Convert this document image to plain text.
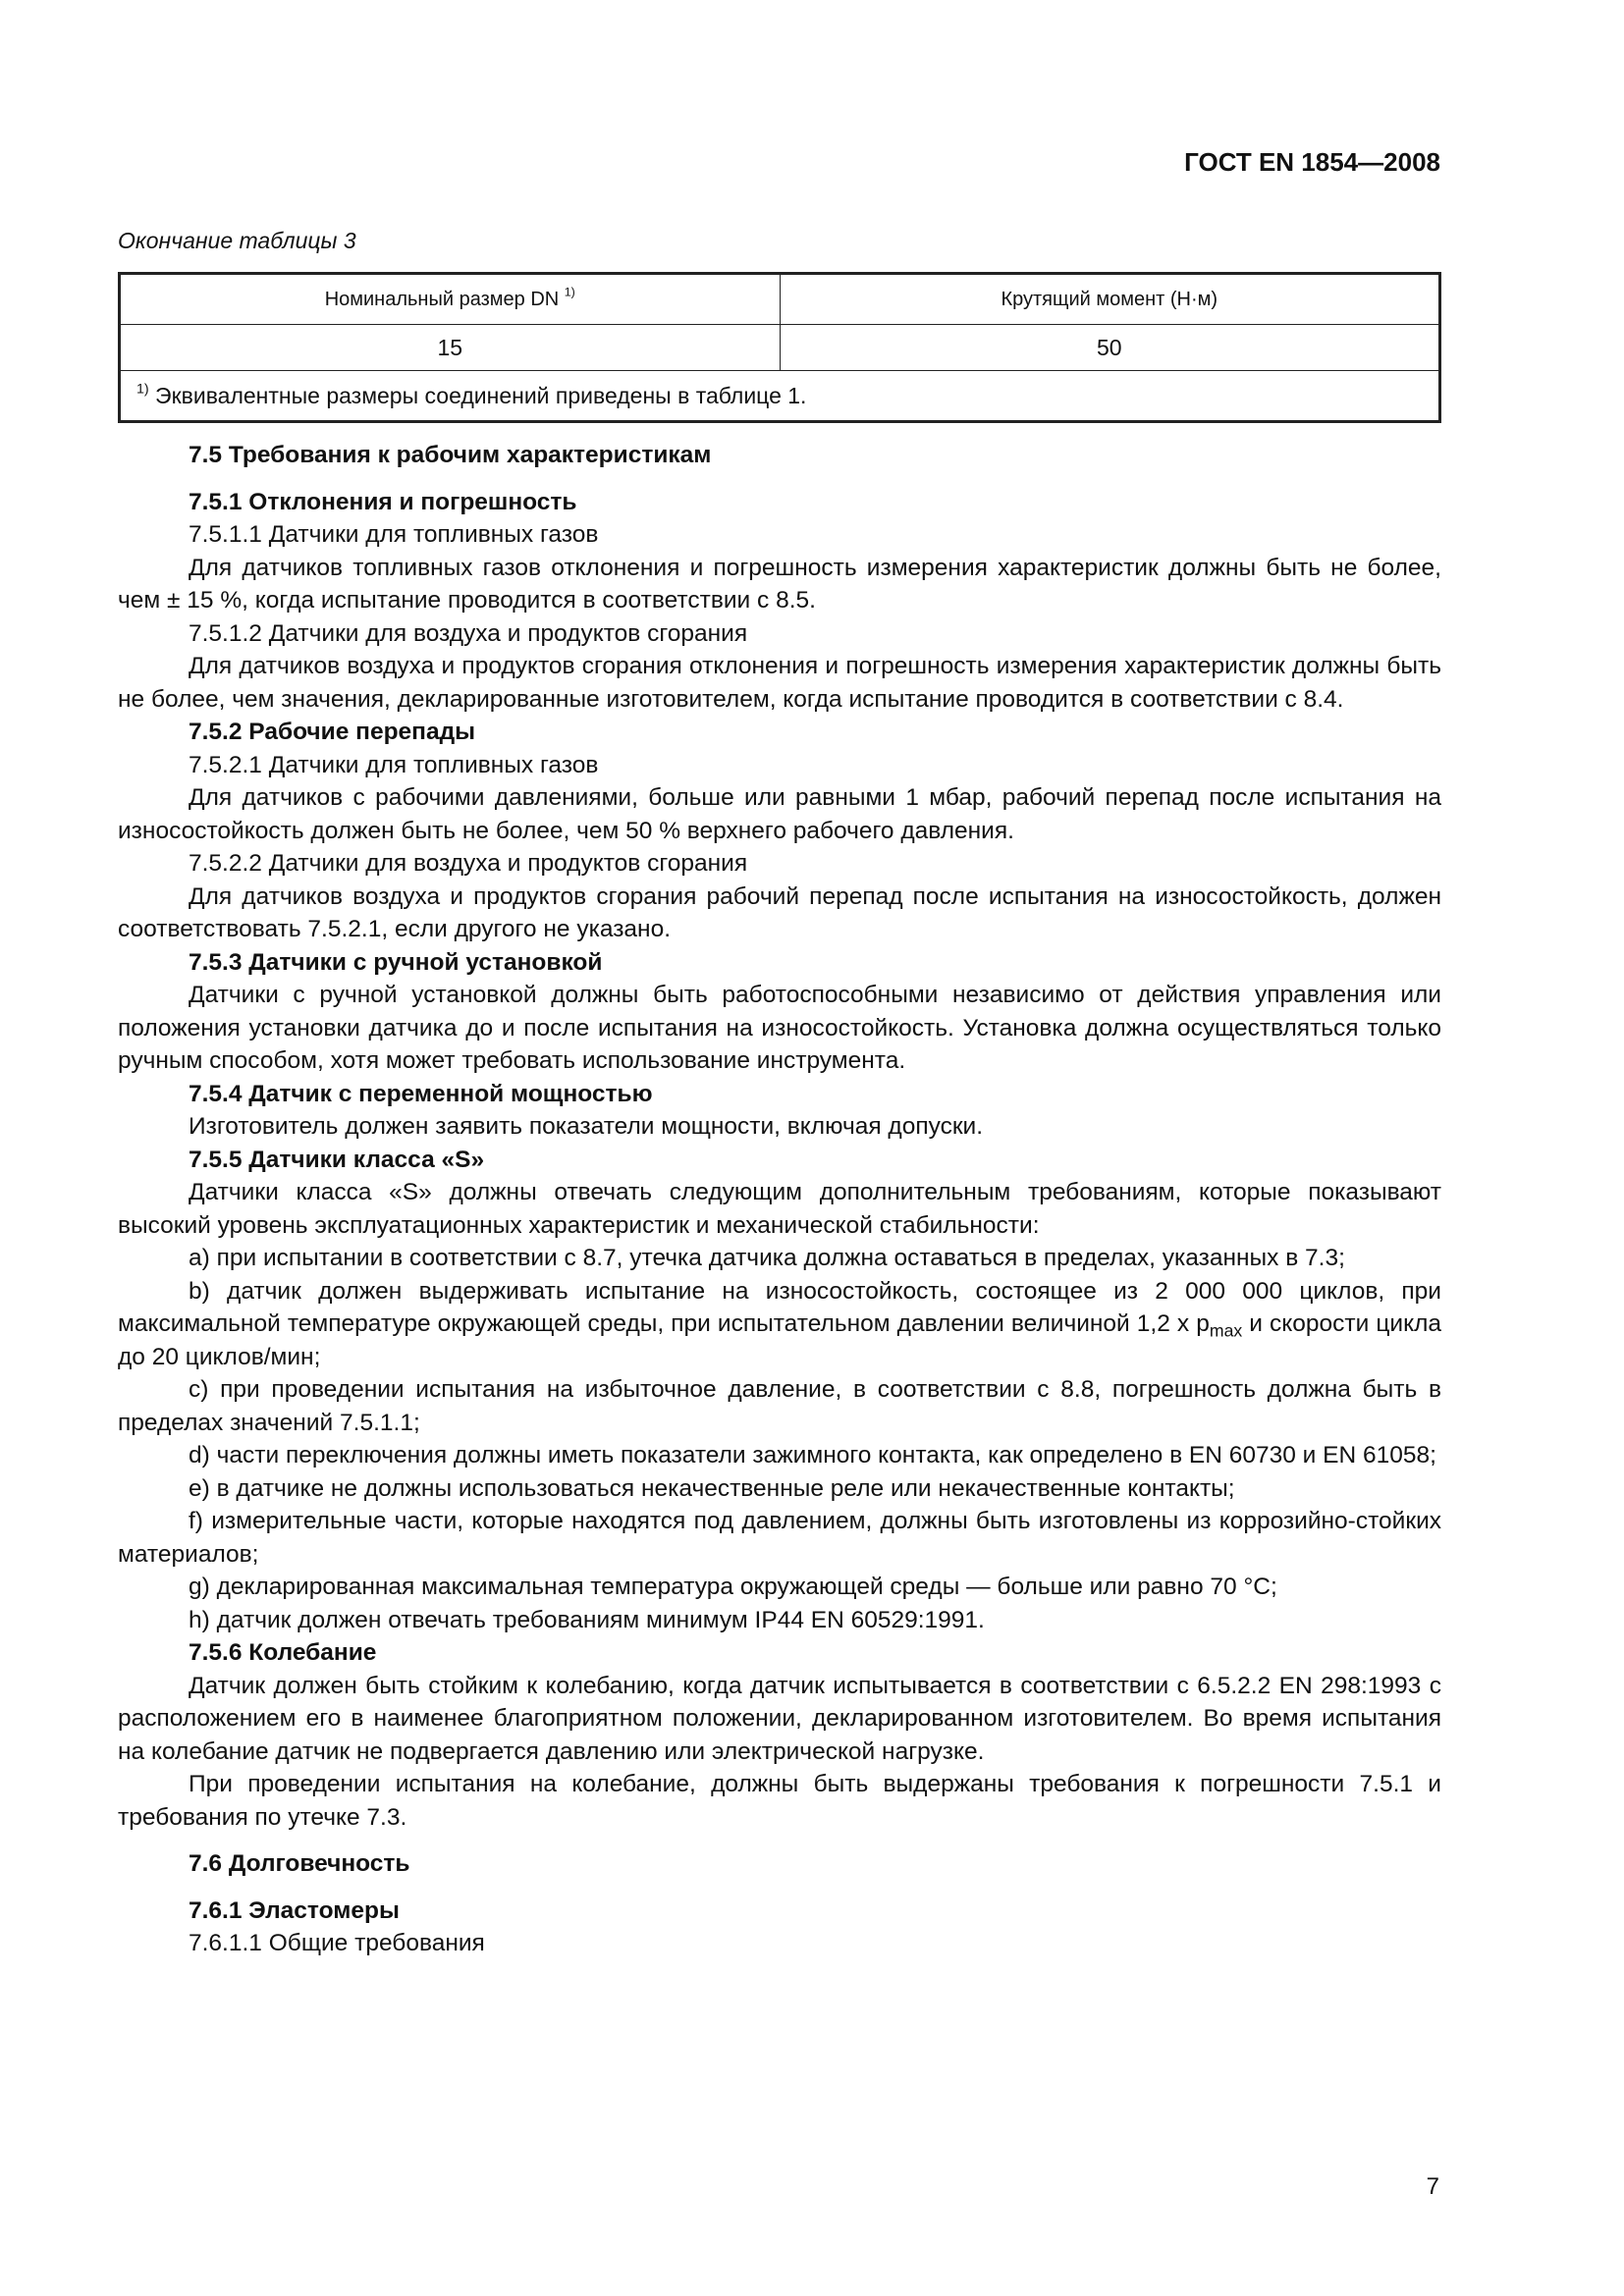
ГОСТ EN 1854—2008
Окончание таблицы 3
Номинальный размер DN $^{1)}$	Крутящий момент (Н·м)
15	50
$^{1)}$ Эквивалентные размеры соединений приведены в таблице 1.	

7.5 Требования к рабочим характеристикам

7.5.1 Отклонения и погрешность

7.5.1.1 Датчики для топливных газов

Для датчиков топливных газов отклонения и погрешность измерения характеристик должны быть не более, чем ± 15 %, когда испытание проводится в соответствии с 8.5.

7.5.1.2 Датчики для воздуха и продуктов сгорания

Для датчиков воздуха и продуктов сгорания отклонения и погрешность измерения характеристик должны быть не более, чем значения, декларированные изготовителем, когда испытание проводится в соответствии с 8.4.

7.5.2 Рабочие перепады

7.5.2.1 Датчики для топливных газов

Для датчиков с рабочими давлениями, больше или равными 1 мбар, рабочий перепад после испытания на износостойкость должен быть не более, чем 50 % верхнего рабочего давления.

7.5.2.2 Датчики для воздуха и продуктов сгорания

Для датчиков воздуха и продуктов сгорания рабочий перепад после испытания на износостойкость, должен соответствовать 7.5.2.1, если другого не указано.

7.5.3 Датчики с ручной установкой

Датчики с ручной установкой должны быть работоспособными независимо от действия управления или положения установки датчика до и после испытания на износостойкость. Установка должна осуществляться только ручным способом, хотя может требовать использование инструмента.

7.5.4 Датчик с переменной мощностью

Изготовитель должен заявить показатели мощности, включая допуски.

7.5.5 Датчики класса «S»

Датчики класса «S» должны отвечать следующим дополнительным требованиям, которые показывают высокий уровень эксплуатационных характеристик и механической стабильности:

a) при испытании в соответствии с 8.7, утечка датчика должна оставаться в пределах, указанных в 7.3;

b) датчик должен выдерживать испытание на износостойкость, состоящее из 2 000 000 циклов, при максимальной температуре окружающей среды, при испытательном давлении величиной 1,2 x $p_{max}$ и скорости цикла до 20 циклов/мин;

c) при проведении испытания на избыточное давление, в соответствии с 8.8, погрешность должна быть в пределах значений 7.5.1.1;

d) части переключения должны иметь показатели зажимного контакта, как определено в EN 60730 и EN 61058;

e) в датчике не должны использоваться некачественные реле или некачественные контакты;

f) измерительные части, которые находятся под давлением, должны быть изготовлены из коррозийно-стойких материалов;

g) декларированная максимальная температура окружающей среды — больше или равно 70 °С;

h) датчик должен отвечать требованиям минимум IP44 EN 60529:1991.

7.5.6 Колебание

Датчик должен быть стойким к колебанию, когда датчик испытывается в соответствии с 6.5.2.2 EN 298:1993 с расположением его в наименее благоприятном положении, декларированном изготовителем. Во время испытания на колебание датчик не подвергается давлению или электрической нагрузке.

При проведении испытания на колебание, должны быть выдержаны требования к погрешности 7.5.1 и требования по утечке 7.3.

7.6 Долговечность

7.6.1 Эластомеры

7.6.1.1 Общие требования

7
